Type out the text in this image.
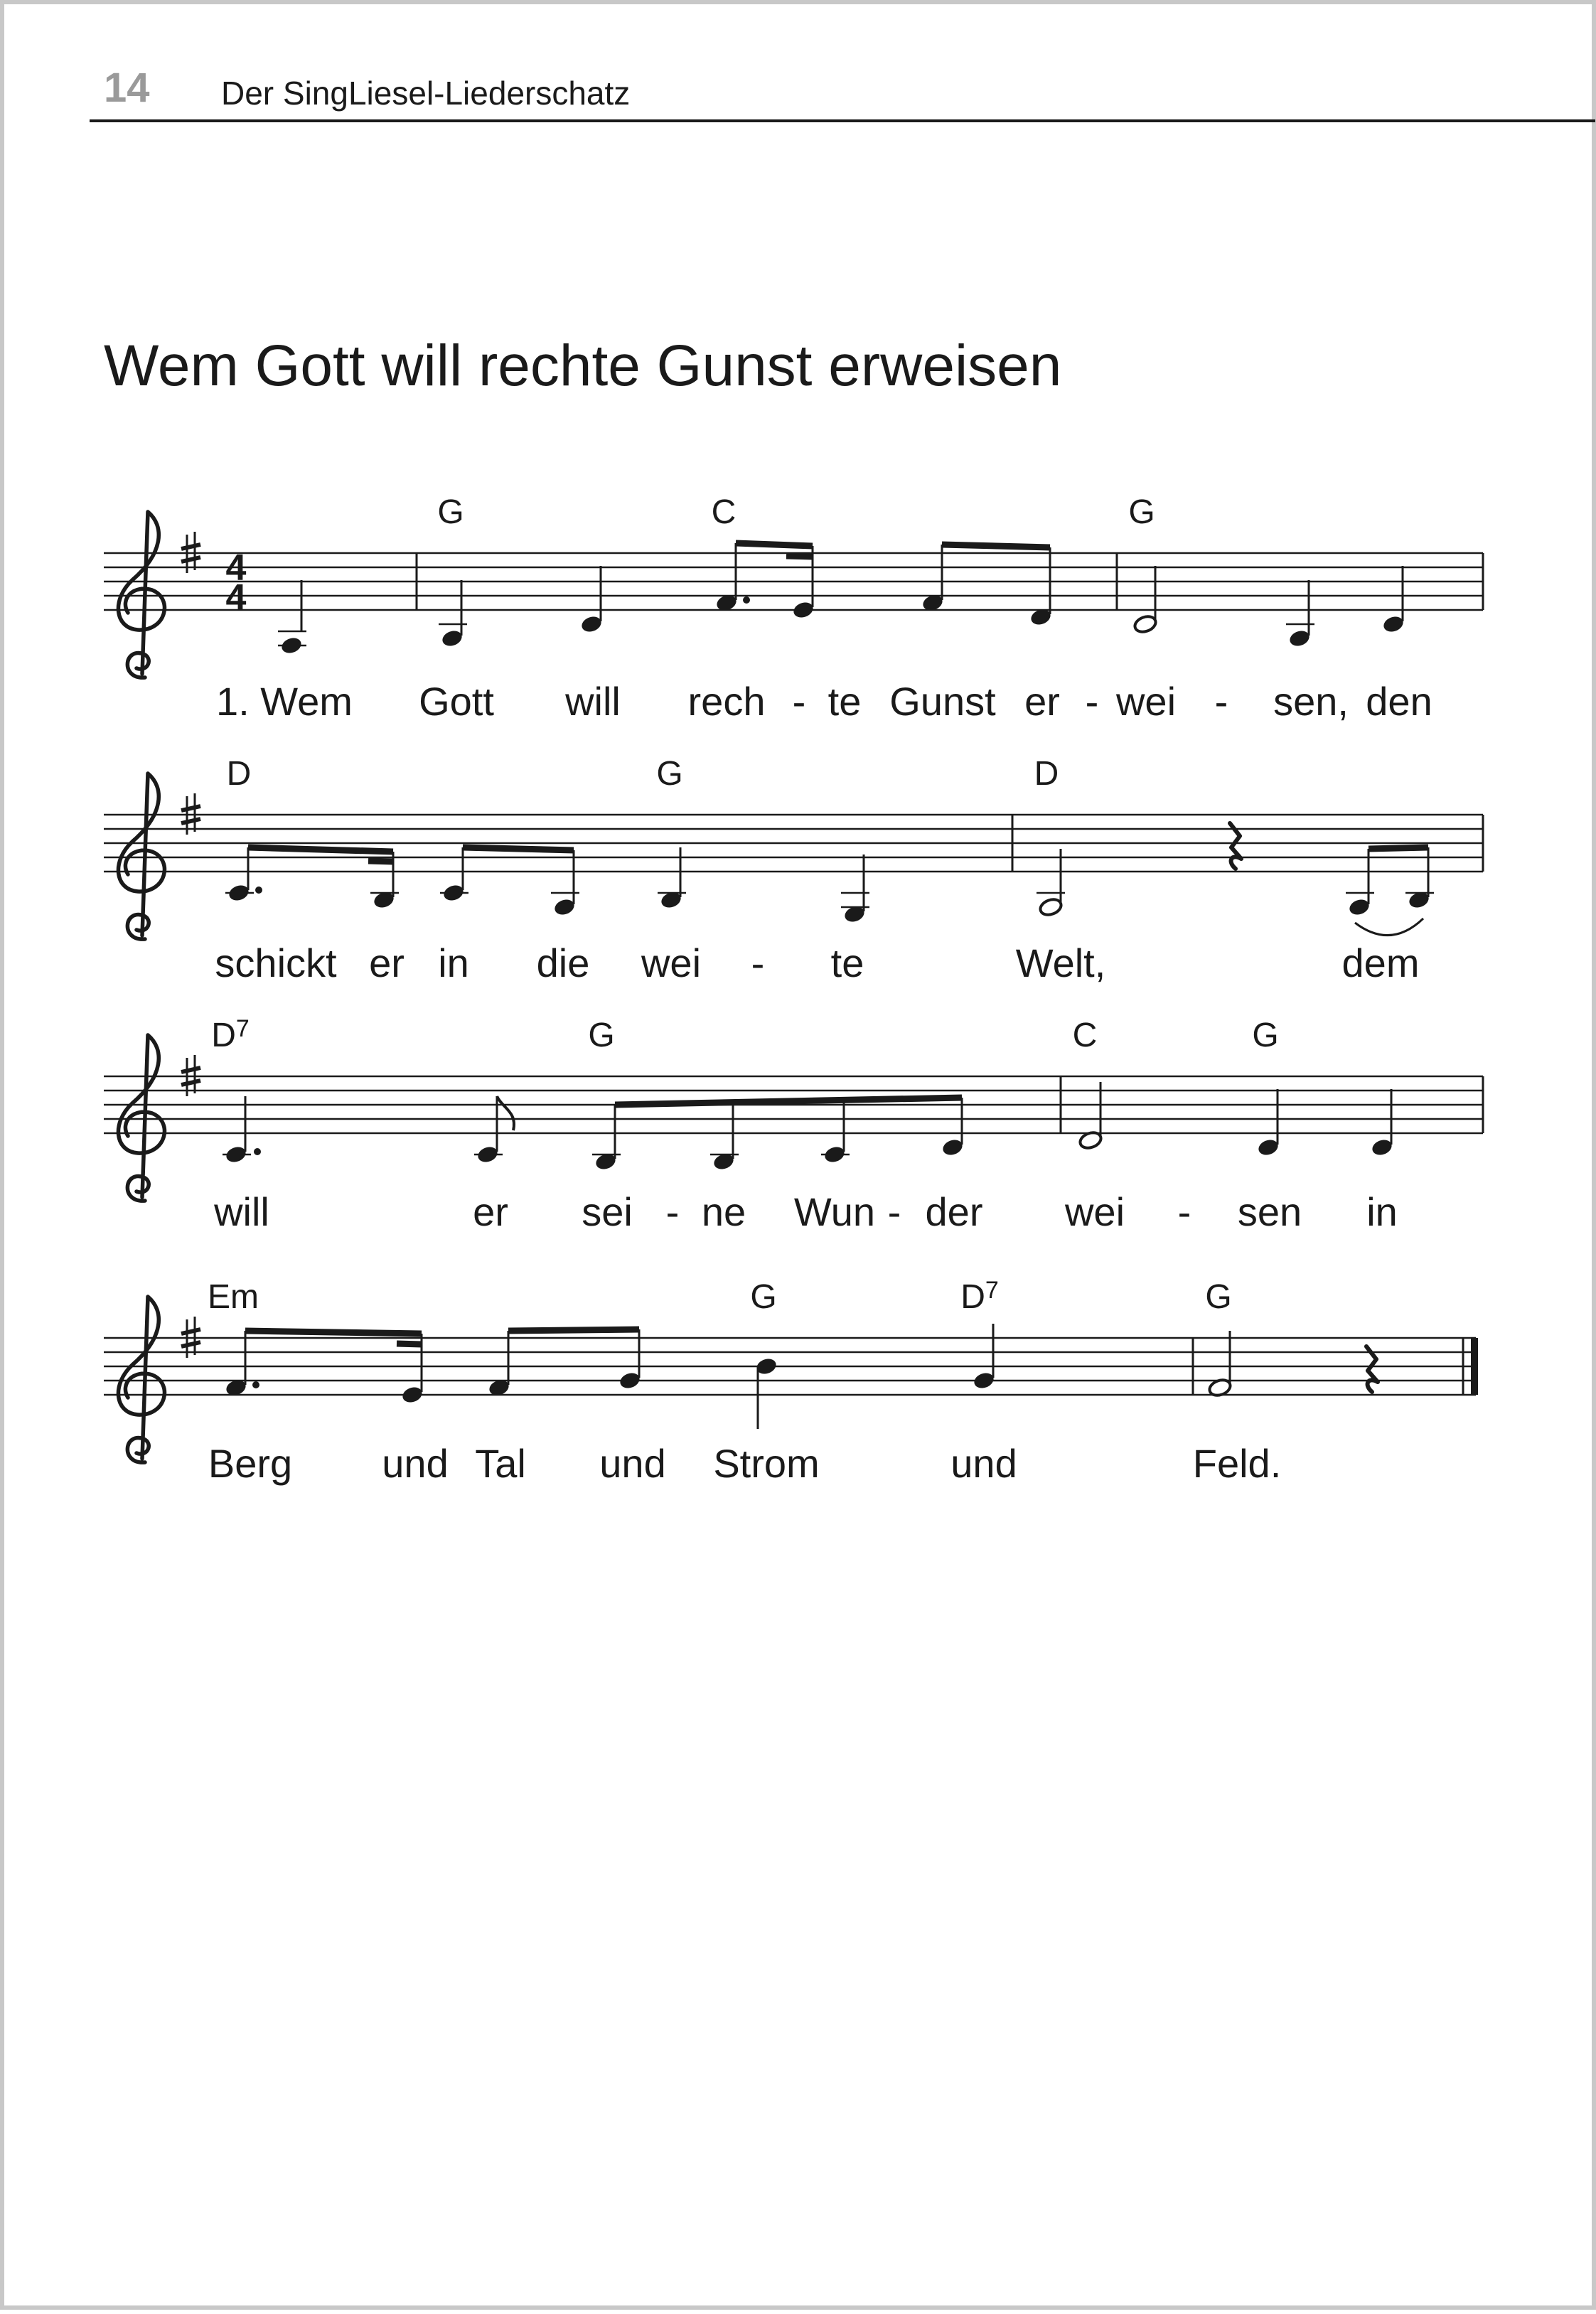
14 Der SingLiesel-Liederschatz
Wem Gott will rechte Gunst erweisen
4
4
G	C	G
1. Wem Gott will rech - te Gunst er - wei - sen, den
D	G	D
schickt er in die wei - te	Welt,	dem
$D^7$	G	C	G
will	er sei - ne Wun - der wei - sen in
Em	G	$D^7$	G
Berg und Tal und Strom	und	Feld.
